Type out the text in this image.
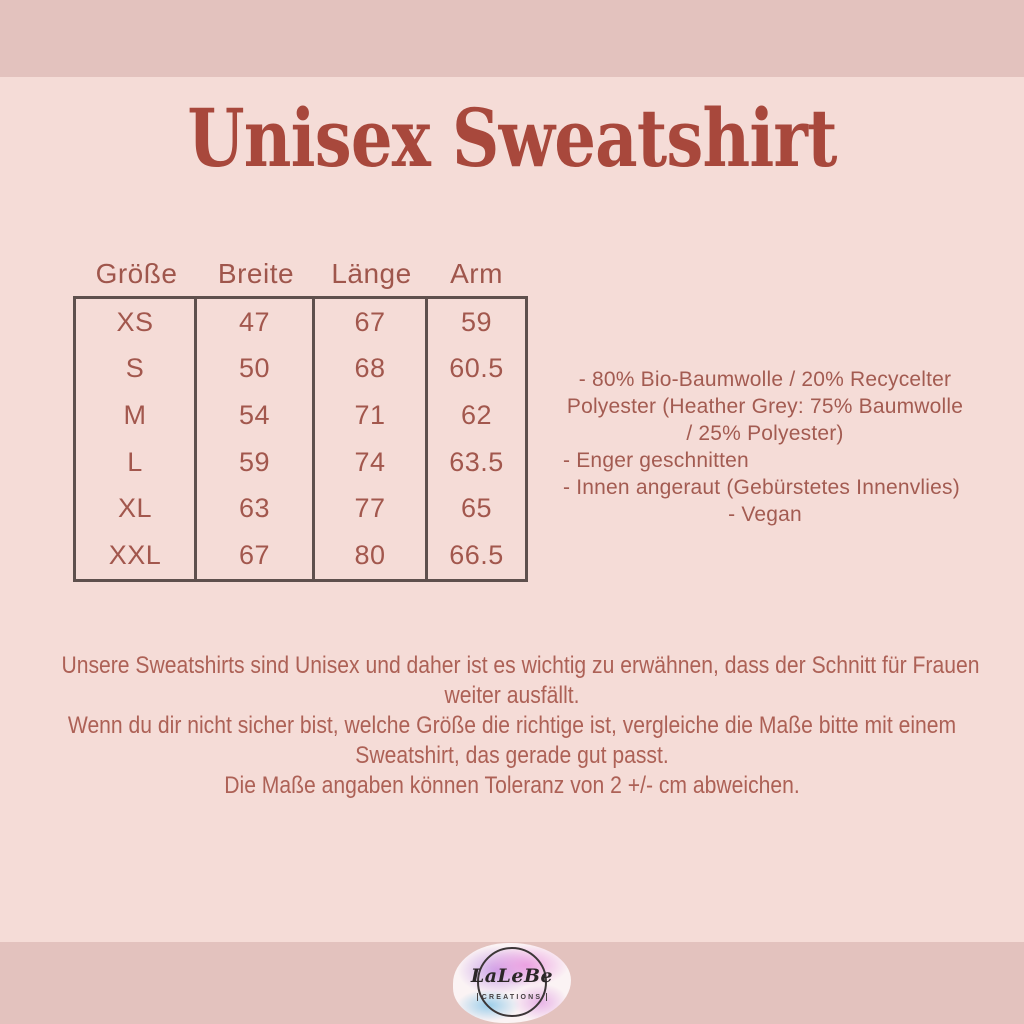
Unisex Sweatshirt
Größe	Breite	Länge	Arm
XS	47	67	59
S	50	68	60.5
M	54	71	62
L	59	74	63.5
XL	63	77	65
XXL	67	80	66.5
- 80% Bio-Baumwolle / 20% Recycelter
Polyester (Heather Grey: 75% Baumwolle
/ 25% Polyester)
- Enger geschnitten
- Innen angeraut (Gebürstetes Innenvlies)
- Vegan
Unsere Sweatshirts sind Unisex und daher ist es wichtig zu erwähnen, dass der Schnitt für Frauen
weiter ausfällt.
Wenn du dir nicht sicher bist, welche Größe die richtige ist, vergleiche die Maße bitte mit einem
Sweatshirt, das gerade gut passt.
Die Maße angaben können Toleranz von 2 +/- cm abweichen.
LaLeBe
CREATIONS
